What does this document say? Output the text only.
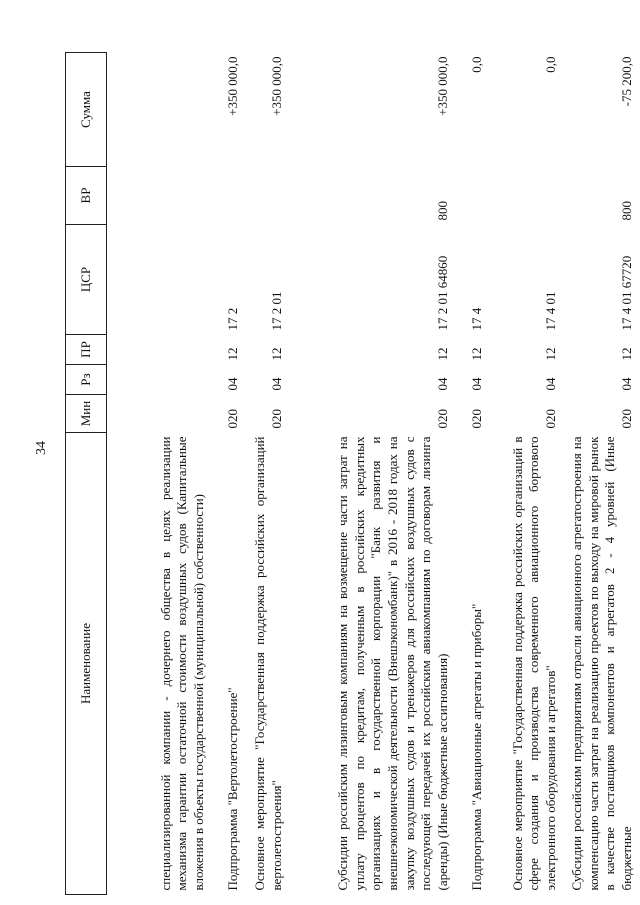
34
Наименование	Мин	Рз	ПР	ЦСР	ВР	Сумма
специализированной компании - дочернего общества в целях реализации механизма гарантии остаточной стоимости воздушных судов (Капитальные вложения в объекты государственной (муниципальной) собственности)						
Подпрограмма "Вертолетостроение"	020	04	12	17 2		+350 000,0
Основное мероприятие "Государственная поддержка российских организаций вертолетостроения"	020	04	12	17 2 01		+350 000,0
Субсидии российским лизинговым компаниям на возмещение части затрат на уплату процентов по кредитам, полученным в российских кредитных организациях и в государственной корпорации "Банк развития и внешнеэкономической деятельности (Внешэкономбанк)" в 2016 - 2018 годах на закупку воздушных судов и тренажеров для российских воздушных судов с последующей передачей их российским авиакомпаниям по договорам лизинга (аренды) (Иные бюджетные ассигнования)	020	04	12	17 2 01 64860	800	+350 000,0
Подпрограмма "Авиационные агрегаты и приборы"	020	04	12	17 4		0,0
Основное мероприятие "Государственная поддержка российских организаций в сфере создания и производства современного авиационного бортового электронного оборудования и агрегатов"	020	04	12	17 4 01		0,0
Субсидии российским предприятиям отрасли авиационного агрегатостроения на компенсацию части затрат на реализацию проектов по выходу на мировой рынок в качестве поставщиков компонентов и агрегатов 2 - 4 уровней (Иные бюджетные	020	04	12	17 4 01 67720	800	-75 200,0
